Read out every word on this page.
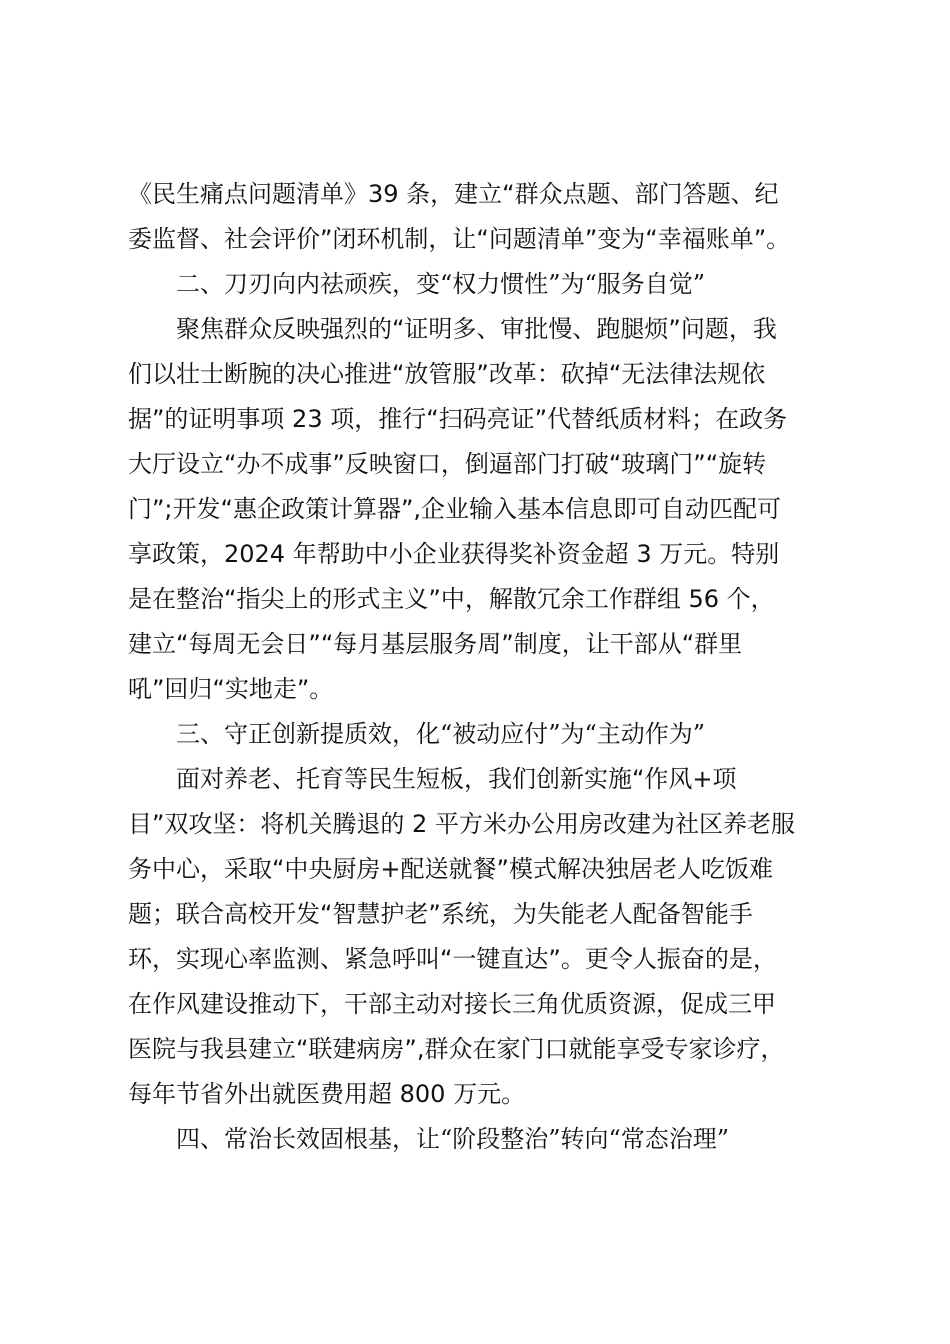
《民生痛点问题清单》39 条，建立“群众点题、部门答题、纪

委监督、社会评价”闭环机制，让“问题清单”变为“幸福账单”。

二、刀刃向内祛顽疾，变“权力惯性”为“服务自觉”

聚焦群众反映强烈的“证明多、审批慢、跑腿烦”问题，我

们以壮士断腕的决心推进“放管服”改革：砍掉“无法律法规依

据”的证明事项 23 项，推行“扫码亮证”代替纸质材料；在政务

大厅设立“办不成事”反映窗口，倒逼部门打破“玻璃门”“旋转

门”;开发“惠企政策计算器”,企业输入基本信息即可自动匹配可

享政策，2024 年帮助中小企业获得奖补资金超 3 万元。特别

是在整治“指尖上的形式主义”中，解散冗余工作群组 56 个，

建立“每周无会日”“每月基层服务周”制度，让干部从“群里

吼”回归“实地走”。

三、守正创新提质效，化“被动应付”为“主动作为”

面对养老、托育等民生短板，我们创新实施“作风+项

目”双攻坚：将机关腾退的 2 平方米办公用房改建为社区养老服

务中心，采取“中央厨房+配送就餐”模式解决独居老人吃饭难

题；联合高校开发“智慧护老”系统，为失能老人配备智能手

环，实现心率监测、紧急呼叫“一键直达”。更令人振奋的是，

在作风建设推动下，干部主动对接长三角优质资源，促成三甲

医院与我县建立“联建病房”,群众在家门口就能享受专家诊疗，

每年节省外出就医费用超 800 万元。

四、常治长效固根基，让“阶段整治”转向“常态治理”
